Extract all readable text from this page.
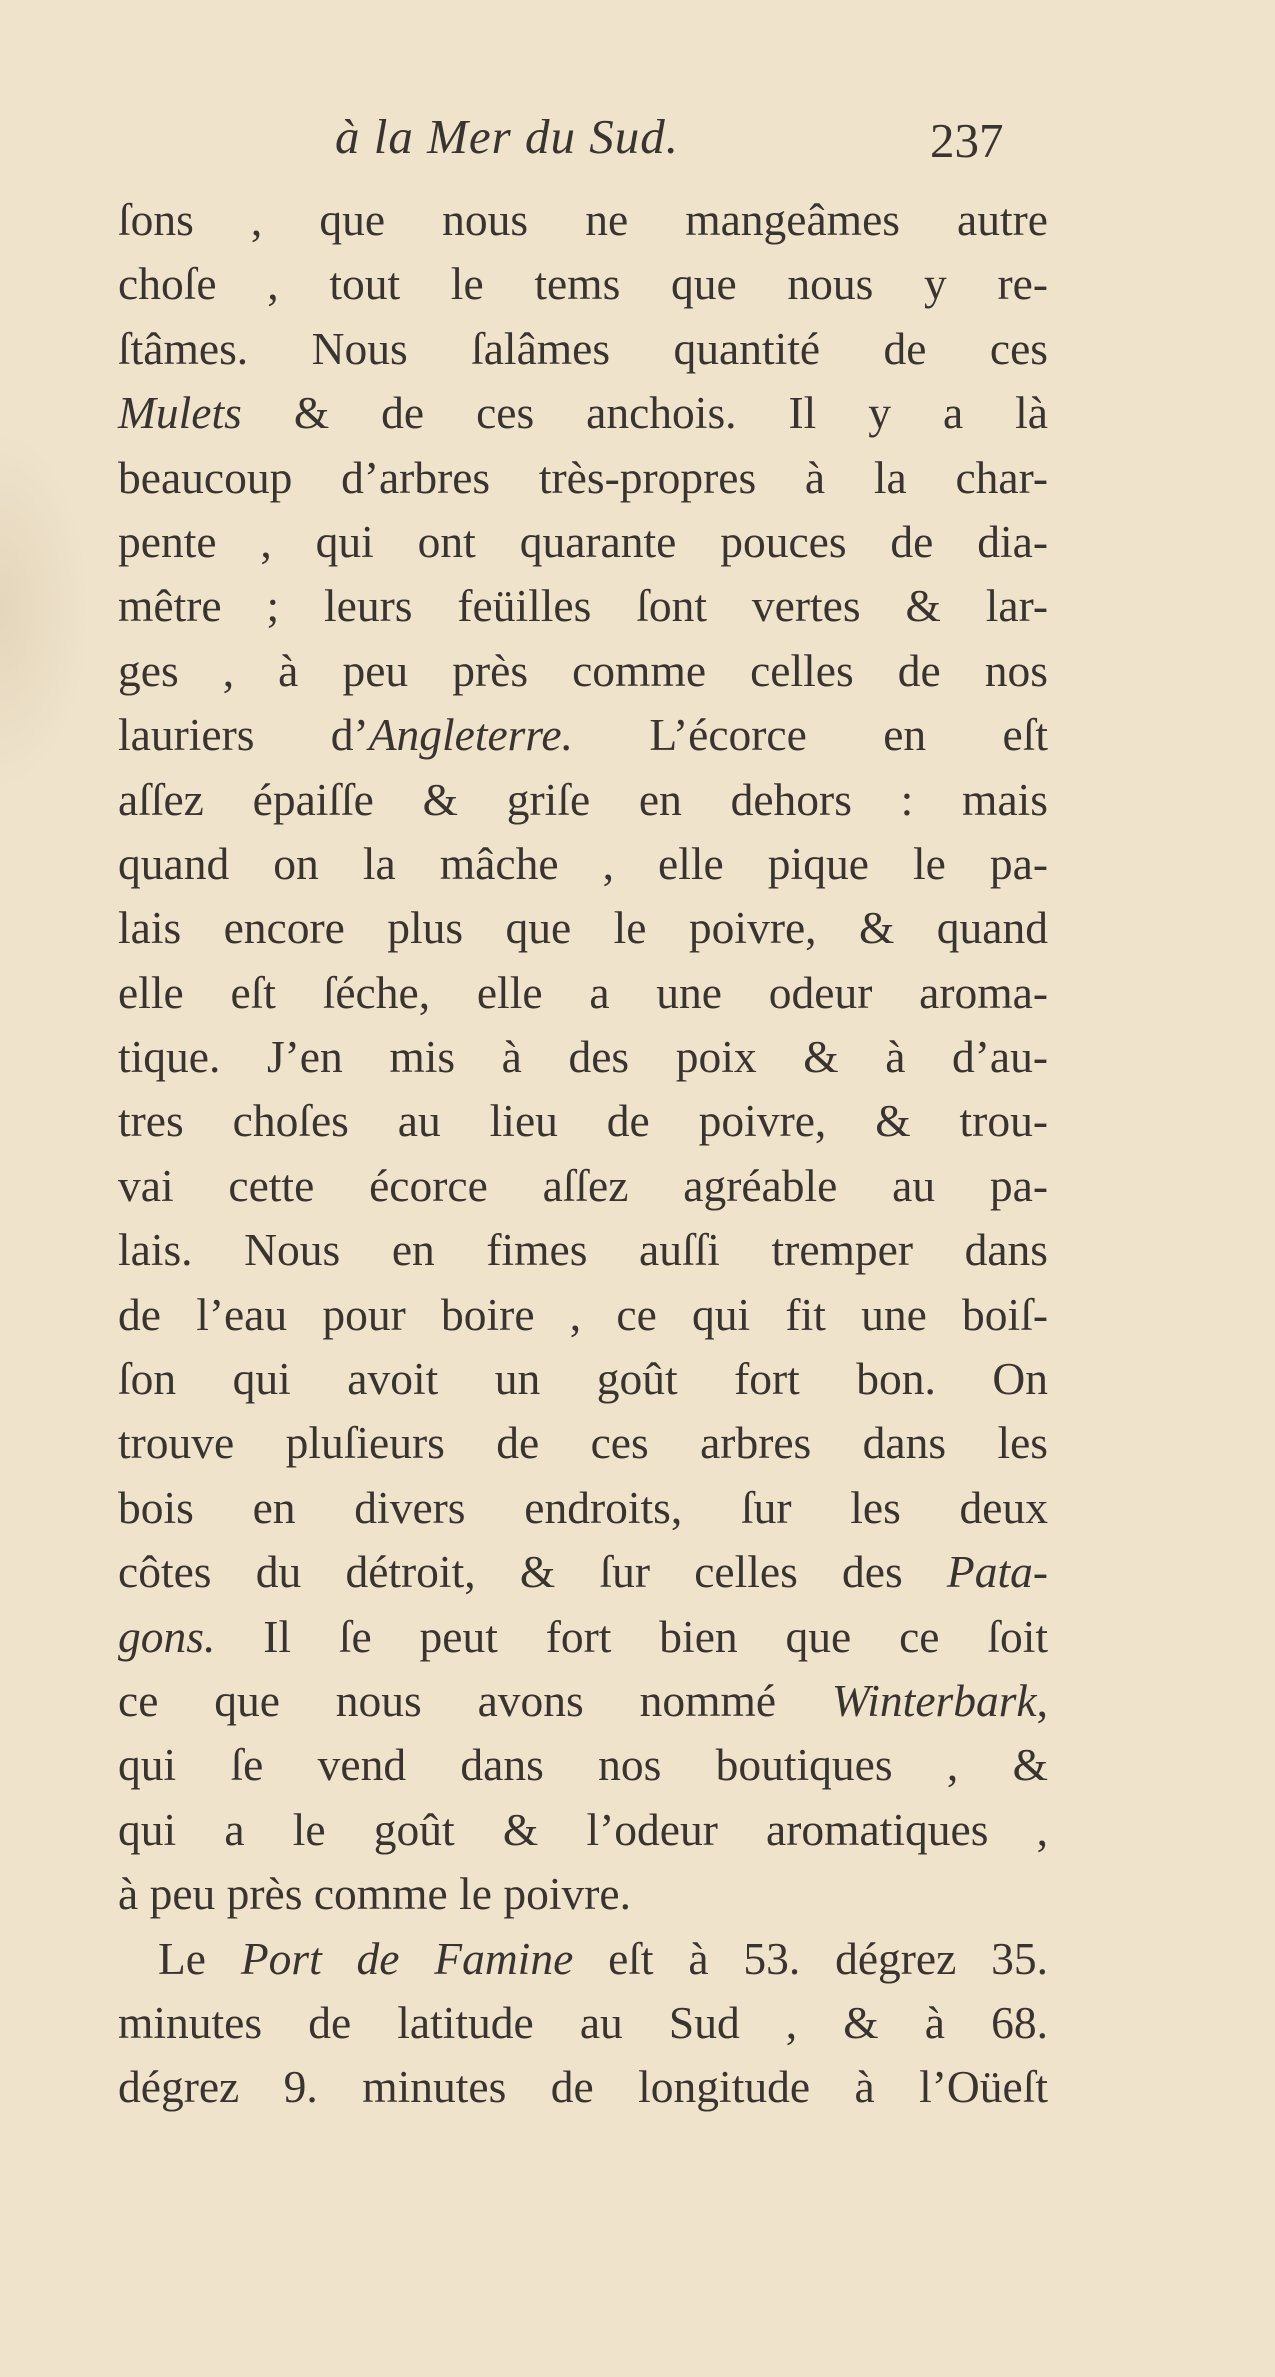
à la Mer du Sud.	237
ſons , que nous ne mangeâmes autre
choſe , tout le tems que nous y re-
ſtâmes. Nous ſalâmes quantité de ces
Mulets & de ces anchois. Il y a là
beaucoup d’arbres très-propres à la char-
pente , qui ont quarante pouces de dia-
mêtre ; leurs feüilles ſont vertes & lar-
ges , à peu près comme celles de nos
lauriers d’Angleterre. L’écorce en eſt
aſſez épaiſſe & griſe en dehors : mais
quand on la mâche , elle pique le pa-
lais encore plus que le poivre, & quand
elle eſt ſéche, elle a une odeur aroma-
tique. J’en mis à des poix & à d’au-
tres choſes au lieu de poivre, & trou-
vai cette écorce aſſez agréable au pa-
lais. Nous en fimes auſſi tremper dans
de l’eau pour boire , ce qui fit une boiſ-
ſon qui avoit un goût fort bon. On
trouve pluſieurs de ces arbres dans les
bois en divers endroits, ſur les deux
côtes du détroit, & ſur celles des Pata-
gons. Il ſe peut fort bien que ce ſoit
ce que nous avons nommé Winterbark,
qui ſe vend dans nos boutiques , &
qui a le goût & l’odeur aromatiques ,
à peu près comme le poivre.
Le Port de Famine eſt à 53. dégrez 35.
minutes de latitude au Sud , & à 68.
dégrez 9. minutes de longitude à l’Oüeſt
